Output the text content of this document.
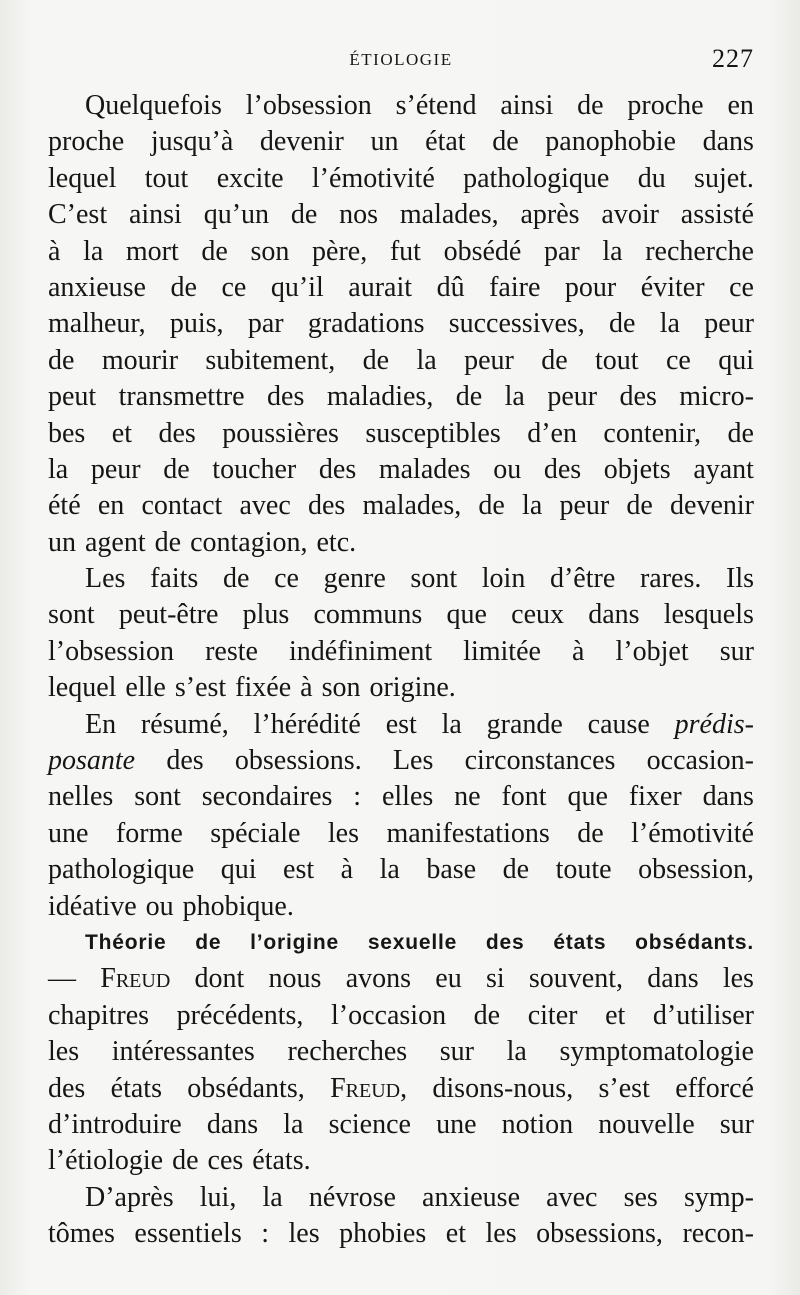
ÉTIOLOGIE	227
Quelquefois l’obsession s’étend ainsi de proche en
proche jusqu’à devenir un état de panophobie dans
lequel tout excite l’émotivité pathologique du sujet.
C’est ainsi qu’un de nos malades, après avoir assisté
à la mort de son père, fut obsédé par la recherche
anxieuse de ce qu’il aurait dû faire pour éviter ce
malheur, puis, par gradations successives, de la peur
de mourir subitement, de la peur de tout ce qui
peut transmettre des maladies, de la peur des micro-
bes et des poussières susceptibles d’en contenir, de
la peur de toucher des malades ou des objets ayant
été en contact avec des malades, de la peur de devenir
un agent de contagion, etc.
Les faits de ce genre sont loin d’être rares. Ils
sont peut-être plus communs que ceux dans lesquels
l’obsession reste indéfiniment limitée à l’objet sur
lequel elle s’est fixée à son origine.
En résumé, l’hérédité est la grande cause prédis-
posante des obsessions. Les circonstances occasion-
nelles sont secondaires : elles ne font que fixer dans
une forme spéciale les manifestations de l’émotivité
pathologique qui est à la base de toute obsession,
idéative ou phobique.
Théorie de l’origine sexuelle des états obsédants.
— Freud dont nous avons eu si souvent, dans les
chapitres précédents, l’occasion de citer et d’utiliser
les intéressantes recherches sur la symptomatologie
des états obsédants, Freud, disons-nous, s’est efforcé
d’introduire dans la science une notion nouvelle sur
l’étiologie de ces états.
D’après lui, la névrose anxieuse avec ses symp-
tômes essentiels : les phobies et les obsessions, recon-
